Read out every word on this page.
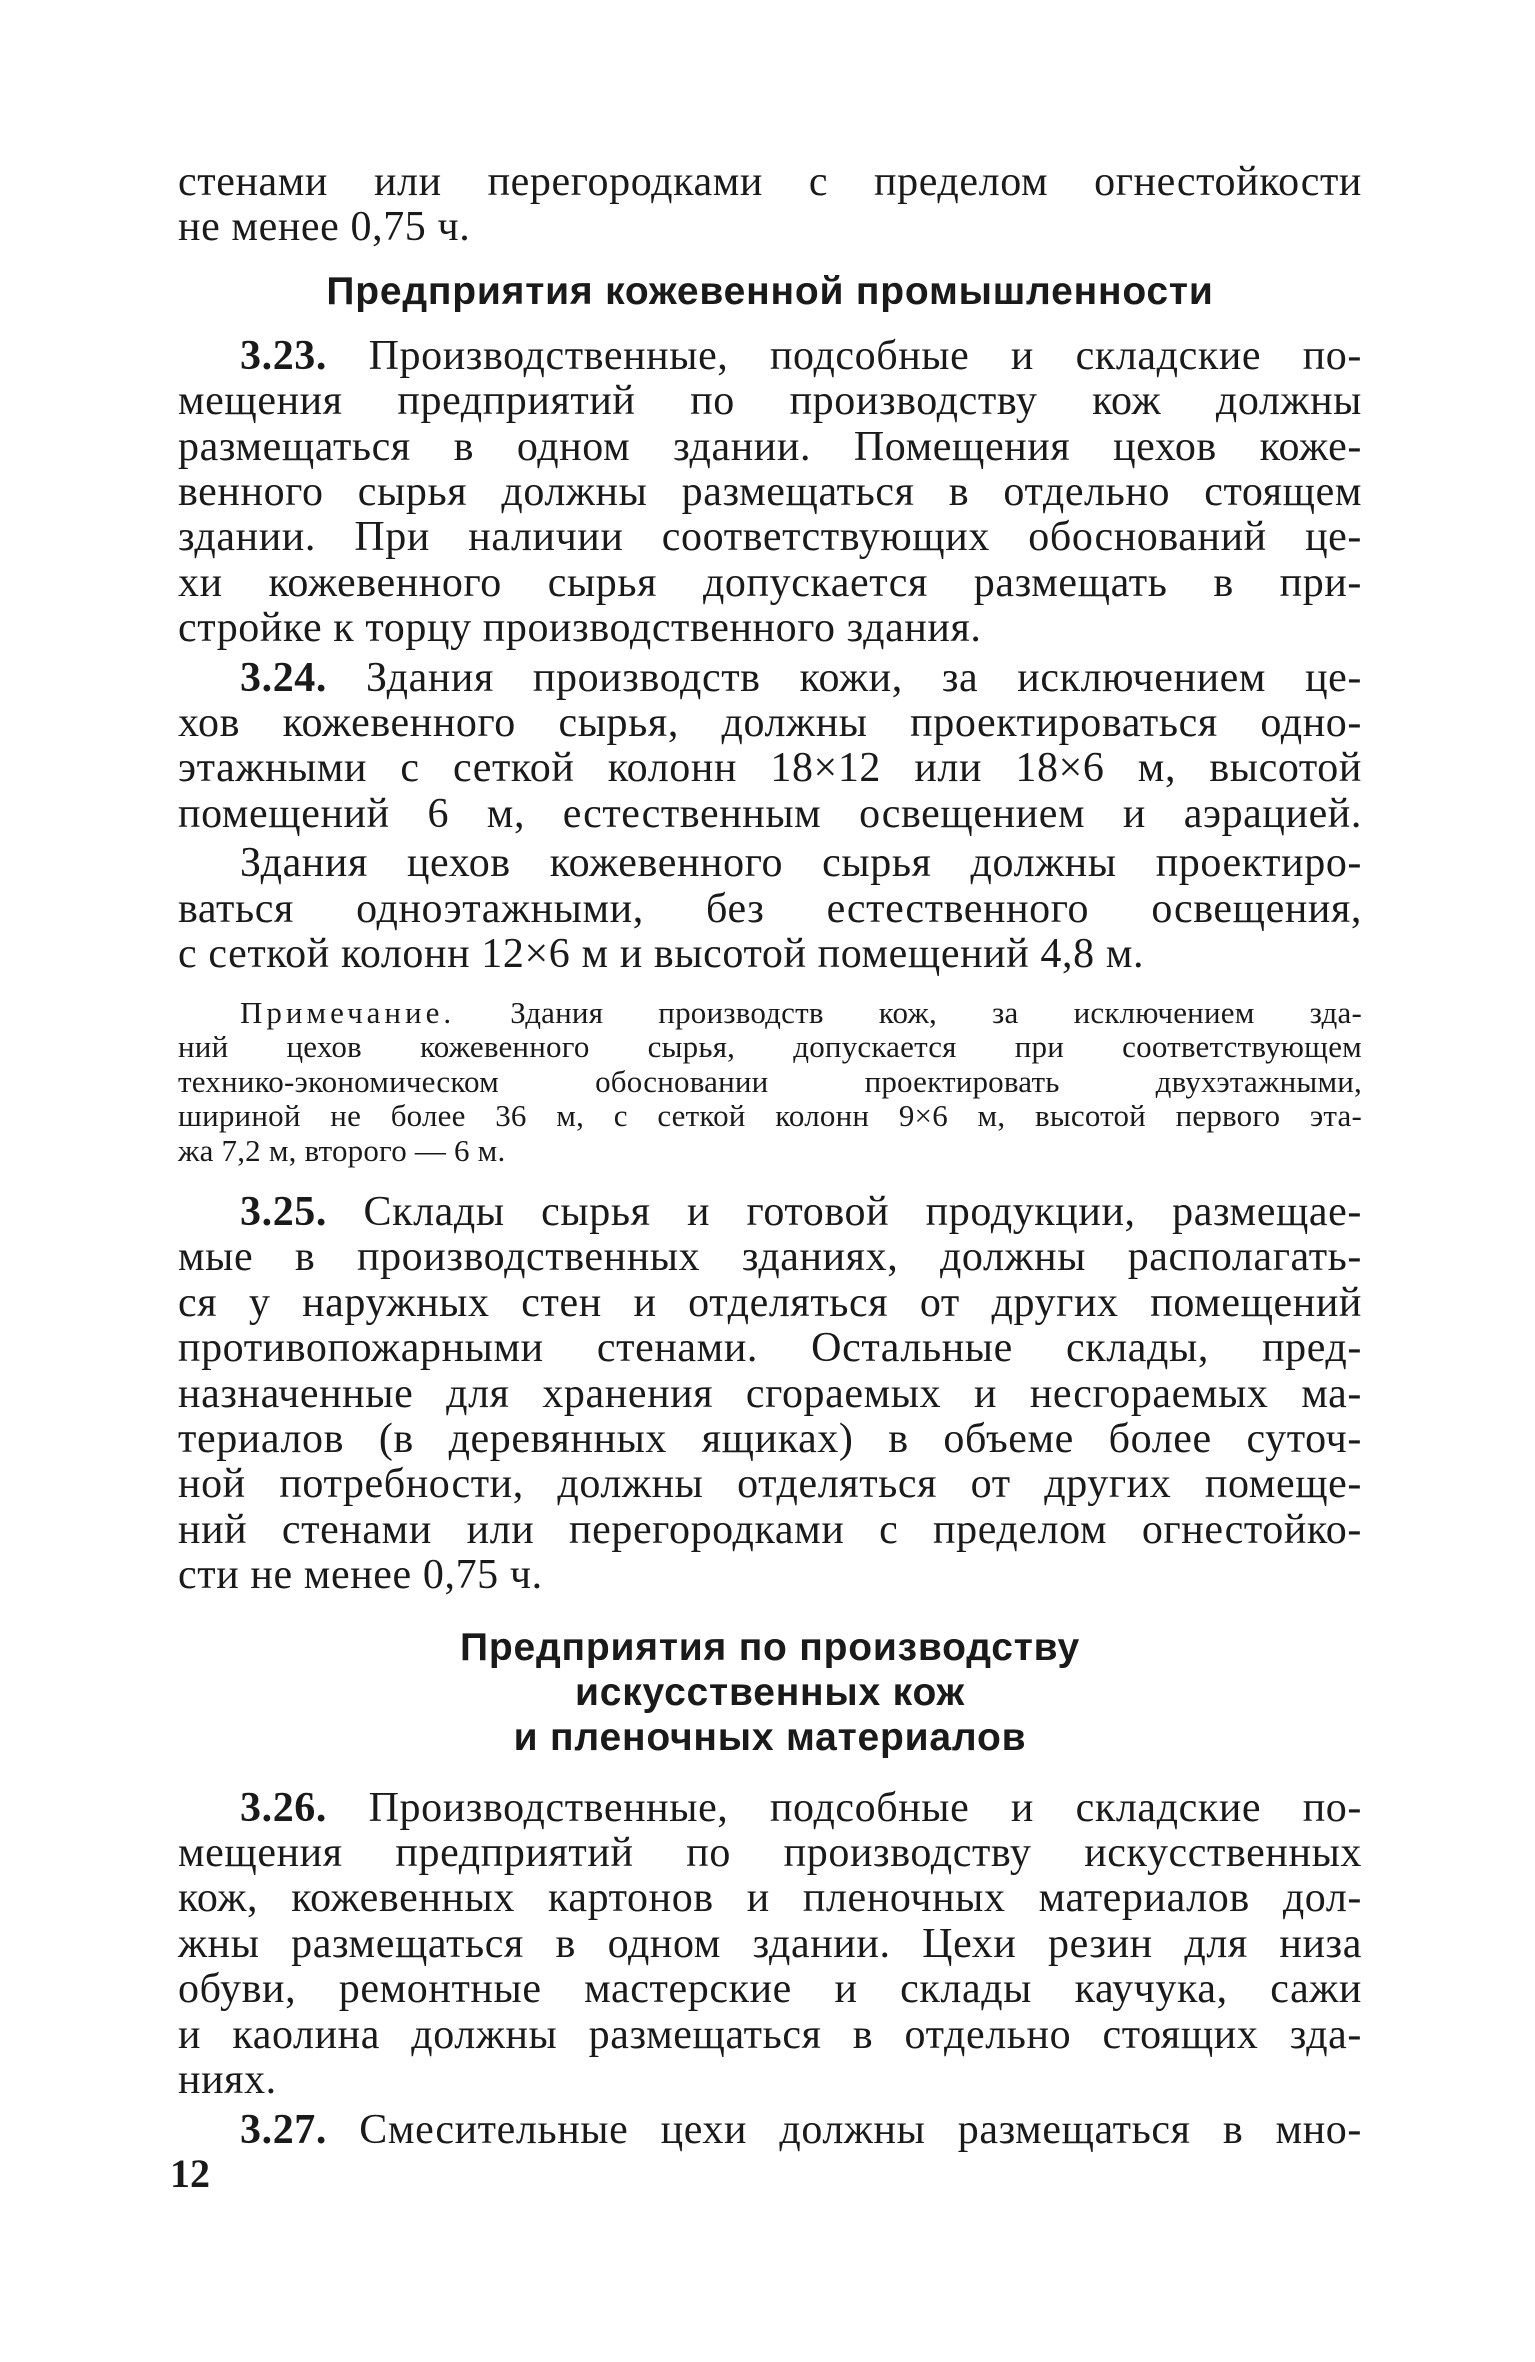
стенами или перегородками с пределом огнестойкости
не менее 0,75 ч.

Предприятия кожевенной промышленности

3.23. Производственные, подсобные и складские по-
мещения предприятий по производству кож должны
размещаться в одном здании. Помещения цехов коже-
венного сырья должны размещаться в отдельно стоящем
здании. При наличии соответствующих обоснований це-
хи кожевенного сырья допускается размещать в при-
стройке к торцу производственного здания.

3.24. Здания производств кожи, за исключением це-
хов кожевенного сырья, должны проектироваться одно-
этажными с сеткой колонн 18×12 или 18×6 м, высотой
помещений 6 м, естественным освещением и аэрацией.

Здания цехов кожевенного сырья должны проектиро-
ваться одноэтажными, без естественного освещения,
с сеткой колонн 12×6 м и высотой помещений 4,8 м.

Примечание. Здания производств кож, за исключением зда-
ний цехов кожевенного сырья, допускается при соответствующем
технико-экономическом обосновании проектировать двухэтажными,
шириной не более 36 м, с сеткой колонн 9×6 м, высотой первого эта-
жа 7,2 м, второго — 6 м.

3.25. Склады сырья и готовой продукции, размещае-
мые в производственных зданиях, должны располагать-
ся у наружных стен и отделяться от других помещений
противопожарными стенами. Остальные склады, пред-
назначенные для хранения сгораемых и несгораемых ма-
териалов (в деревянных ящиках) в объеме более суточ-
ной потребности, должны отделяться от других помеще-
ний стенами или перегородками с пределом огнестойко-
сти не менее 0,75 ч.

Предприятия по производству
искусственных кож
и пленочных материалов

3.26. Производственные, подсобные и складские по-
мещения предприятий по производству искусственных
кож, кожевенных картонов и пленочных материалов дол-
жны размещаться в одном здании. Цехи резин для низа
обуви, ремонтные мастерские и склады каучука, сажи
и каолина должны размещаться в отдельно стоящих зда-
ниях.

3.27. Смесительные цехи должны размещаться в мно-

12
